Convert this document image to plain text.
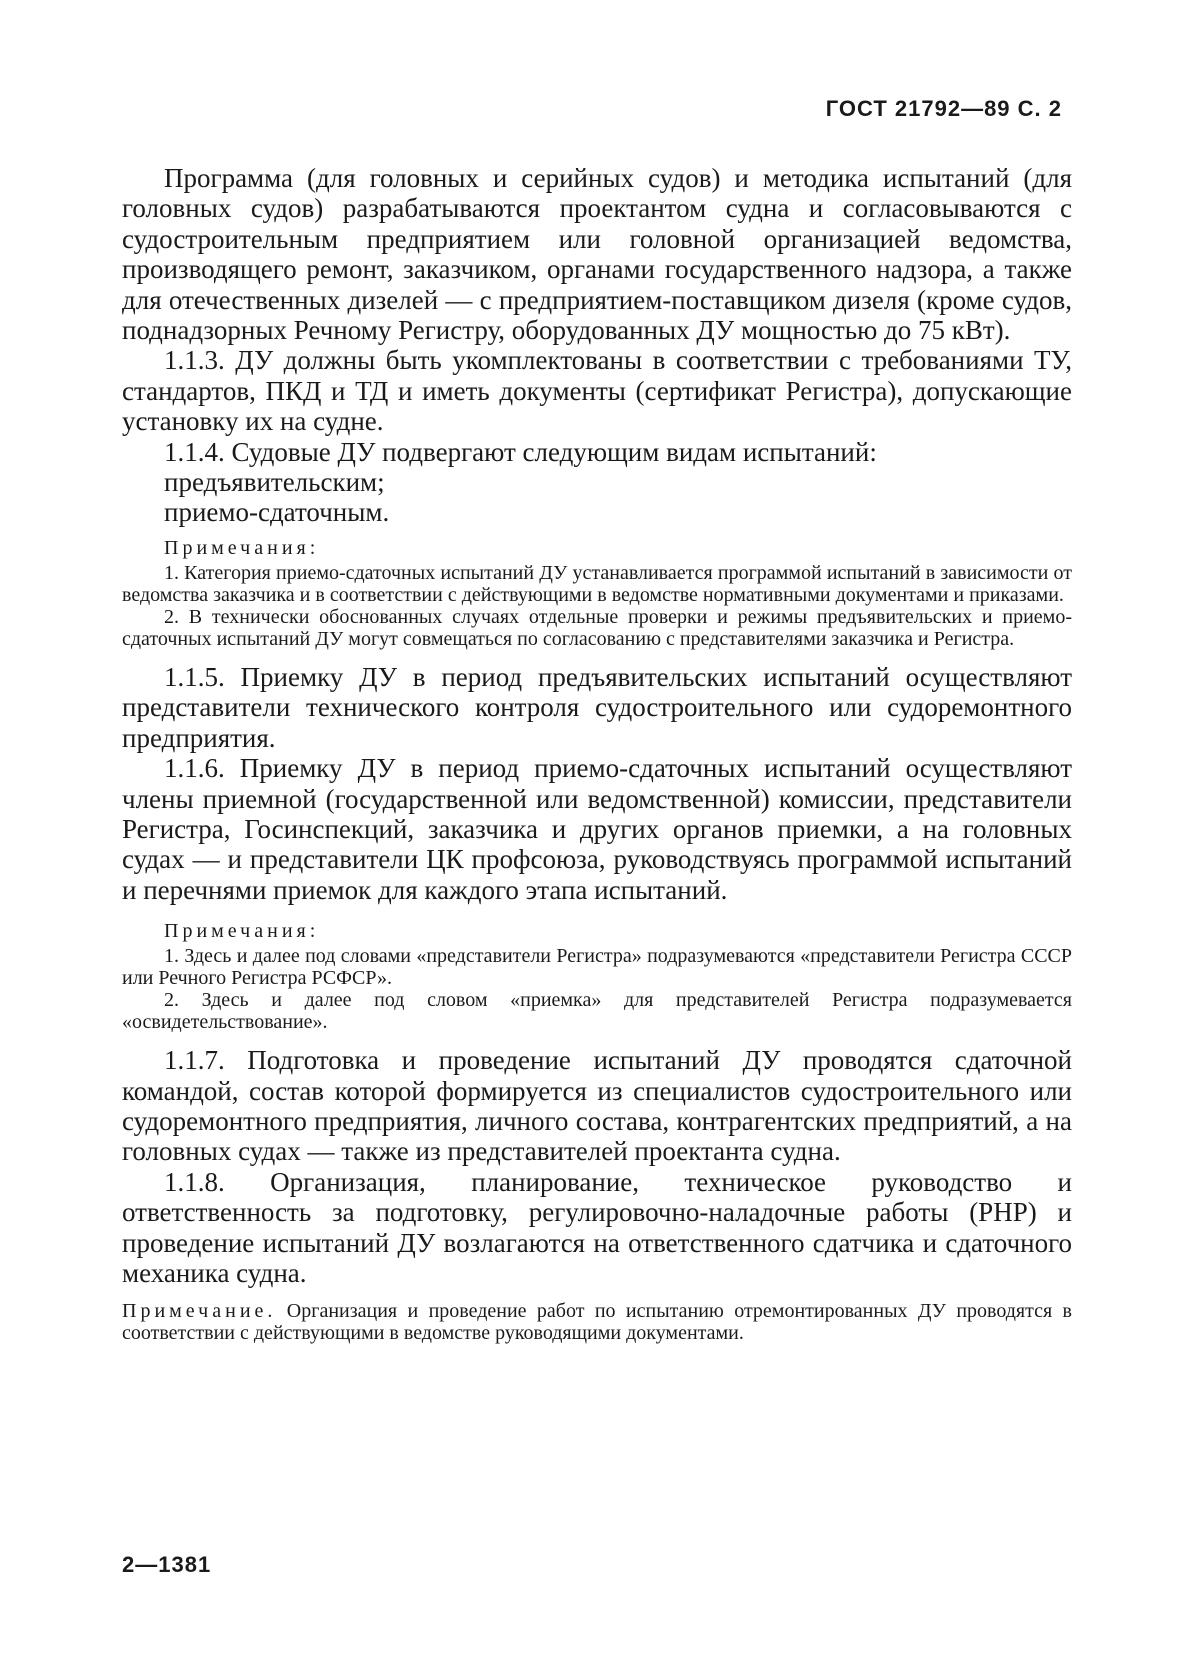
ГОСТ 21792—89 С. 2

Программа (для головных и серийных судов) и методика испытаний (для головных судов) разрабатываются проектантом судна и согласовываются с судостроительным предприятием или головной организацией ведомства, производящего ремонт, заказчиком, органами государственного надзора, а также для отечественных дизелей — с предприятием-поставщиком дизеля (кроме судов, поднадзорных Речному Регистру, оборудованных ДУ мощностью до 75 кВт).

1.1.3. ДУ должны быть укомплектованы в соответствии с требованиями ТУ, стандартов, ПКД и ТД и иметь документы (сертификат Регистра), допускающие установку их на судне.

1.1.4. Судовые ДУ подвергают следующим видам испытаний:

предъявительским;

приемо-сдаточным.

Примечания:

1. Категория приемо-сдаточных испытаний ДУ устанавливается программой испытаний в зависимости от ведомства заказчика и в соответствии с действующими в ведомстве нормативными документами и приказами.

2. В технически обоснованных случаях отдельные проверки и режимы предъявительских и приемо-сдаточных испытаний ДУ могут совмещаться по согласованию с представителями заказчика и Регистра.

1.1.5. Приемку ДУ в период предъявительских испытаний осуществляют представители технического контроля судостроительного или судоремонтного предприятия.

1.1.6. Приемку ДУ в период приемо-сдаточных испытаний осуществляют члены приемной (государственной или ведомственной) комиссии, представители Регистра, Госинспекций, заказчика и других органов приемки, а на головных судах — и представители ЦК профсоюза, руководствуясь программой испытаний и перечнями приемок для каждого этапа испытаний.

Примечания:

1. Здесь и далее под словами «представители Регистра» подразумеваются «представители Регистра СССР или Речного Регистра РСФСР».

2. Здесь и далее под словом «приемка» для представителей Регистра подразумевается «освидетельствование».

1.1.7. Подготовка и проведение испытаний ДУ проводятся сдаточной командой, состав которой формируется из специалистов судостроительного или судоремонтного предприятия, личного состава, контрагентских предприятий, а на головных судах — также из представителей проектанта судна.

1.1.8. Организация, планирование, техническое руководство и ответственность за подготовку, регулировочно-наладочные работы (РНР) и проведение испытаний ДУ возлагаются на ответственного сдатчика и сдаточного механика судна.

Примечание. Организация и проведение работ по испытанию отремонтированных ДУ проводятся в соответствии с действующими в ведомстве руководящими документами.

2—1381
